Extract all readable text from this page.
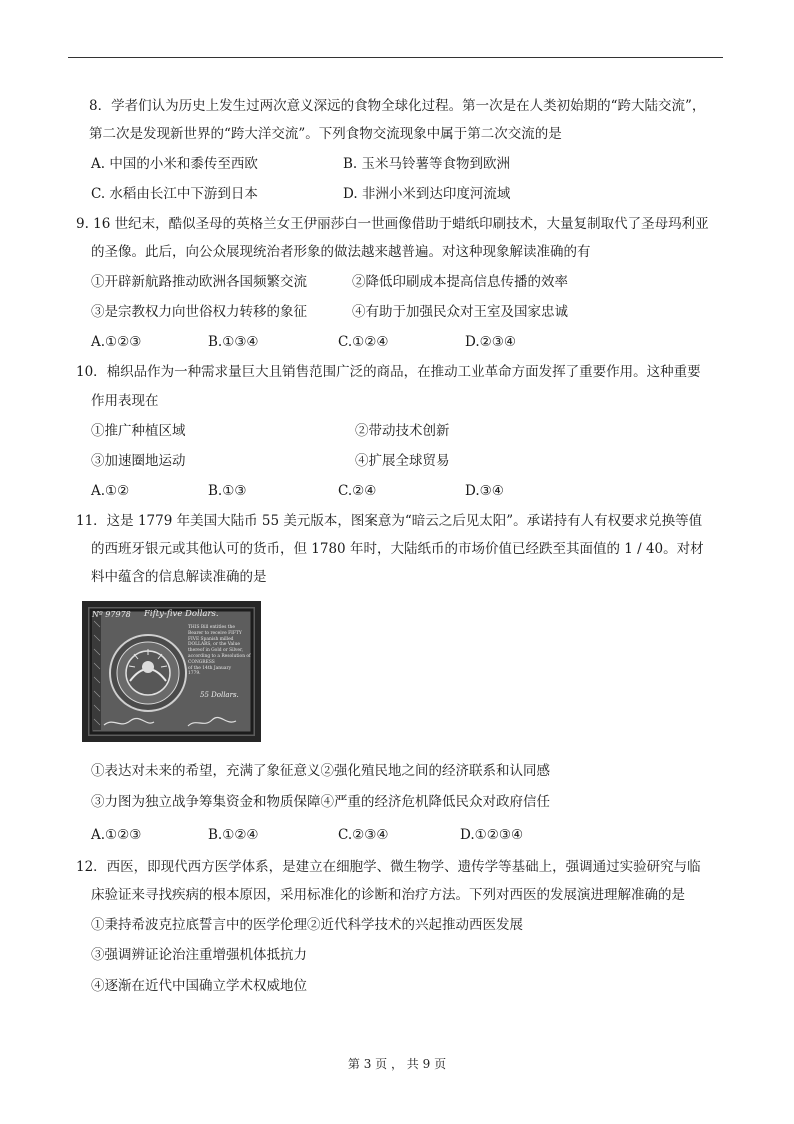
8．学者们认为历史上发生过两次意义深远的食物全球化过程。第一次是在人类初始期的“跨大陆交流”，
第二次是发现新世界的“跨大洋交流”。下列食物交流现象中属于第二次交流的是
A. 中国的小米和黍传至西欧	B. 玉米马铃薯等食物到欧洲
C. 水稻由长江中下游到日本	D. 非洲小米到达印度河流域
9. 16 世纪末，酷似圣母的英格兰女王伊丽莎白一世画像借助于蜡纸印刷技术，大量复制取代了圣母玛利亚
的圣像。此后，向公众展现统治者形象的做法越来越普遍。对这种现象解读准确的有
①开辟新航路推动欧洲各国频繁交流	②降低印刷成本提高信息传播的效率
③是宗教权力向世俗权力转移的象征	④有助于加强民众对王室及国家忠诚
A.①②③	B.①③④	C.①②④	D.②③④
10．棉织品作为一种需求量巨大且销售范围广泛的商品，在推动工业革命方面发挥了重要作用。这种重要
作用表现在
①推广种植区域	②带动技术创新
③加速圈地运动	④扩展全球贸易
A.①②	B.①③	C.②④	D.③④
11．这是 1779 年美国大陆币 55 美元版本，图案意为“暗云之后见太阳”。承诺持有人有权要求兑换等值
的西班牙银元或其他认可的货币，但 1780 年时，大陆纸币的市场价值已经跌至其面值的 1 / 40。对材
料中蕴含的信息解读准确的是
Nº 97978 Fifty-five Dollars.
THIS Bill entitles the
Bearer to receive FIFTY
FIVE Spanish milled
DOLLARS, or the Value
thereof in Gold or Silver,
according to a Resolution of
CONGRESS
of the 14th January
1779.
55 Dollars.
①表达对未来的希望，充满了象征意义②强化殖民地之间的经济联系和认同感
③力图为独立战争筹集资金和物质保障④严重的经济危机降低民众对政府信任
A.①②③	B.①②④	C.②③④	D.①②③④
12．西医，即现代西方医学体系，是建立在细胞学、微生物学、遗传学等基础上，强调通过实验研究与临
床验证来寻找疾病的根本原因，采用标准化的诊断和治疗方法。下列对西医的发展演进理解准确的是
①秉持希波克拉底誓言中的医学伦理②近代科学技术的兴起推动西医发展
③强调辨证论治注重增强机体抵抗力
④逐渐在近代中国确立学术权威地位
第 3 页 ， 共 9 页
